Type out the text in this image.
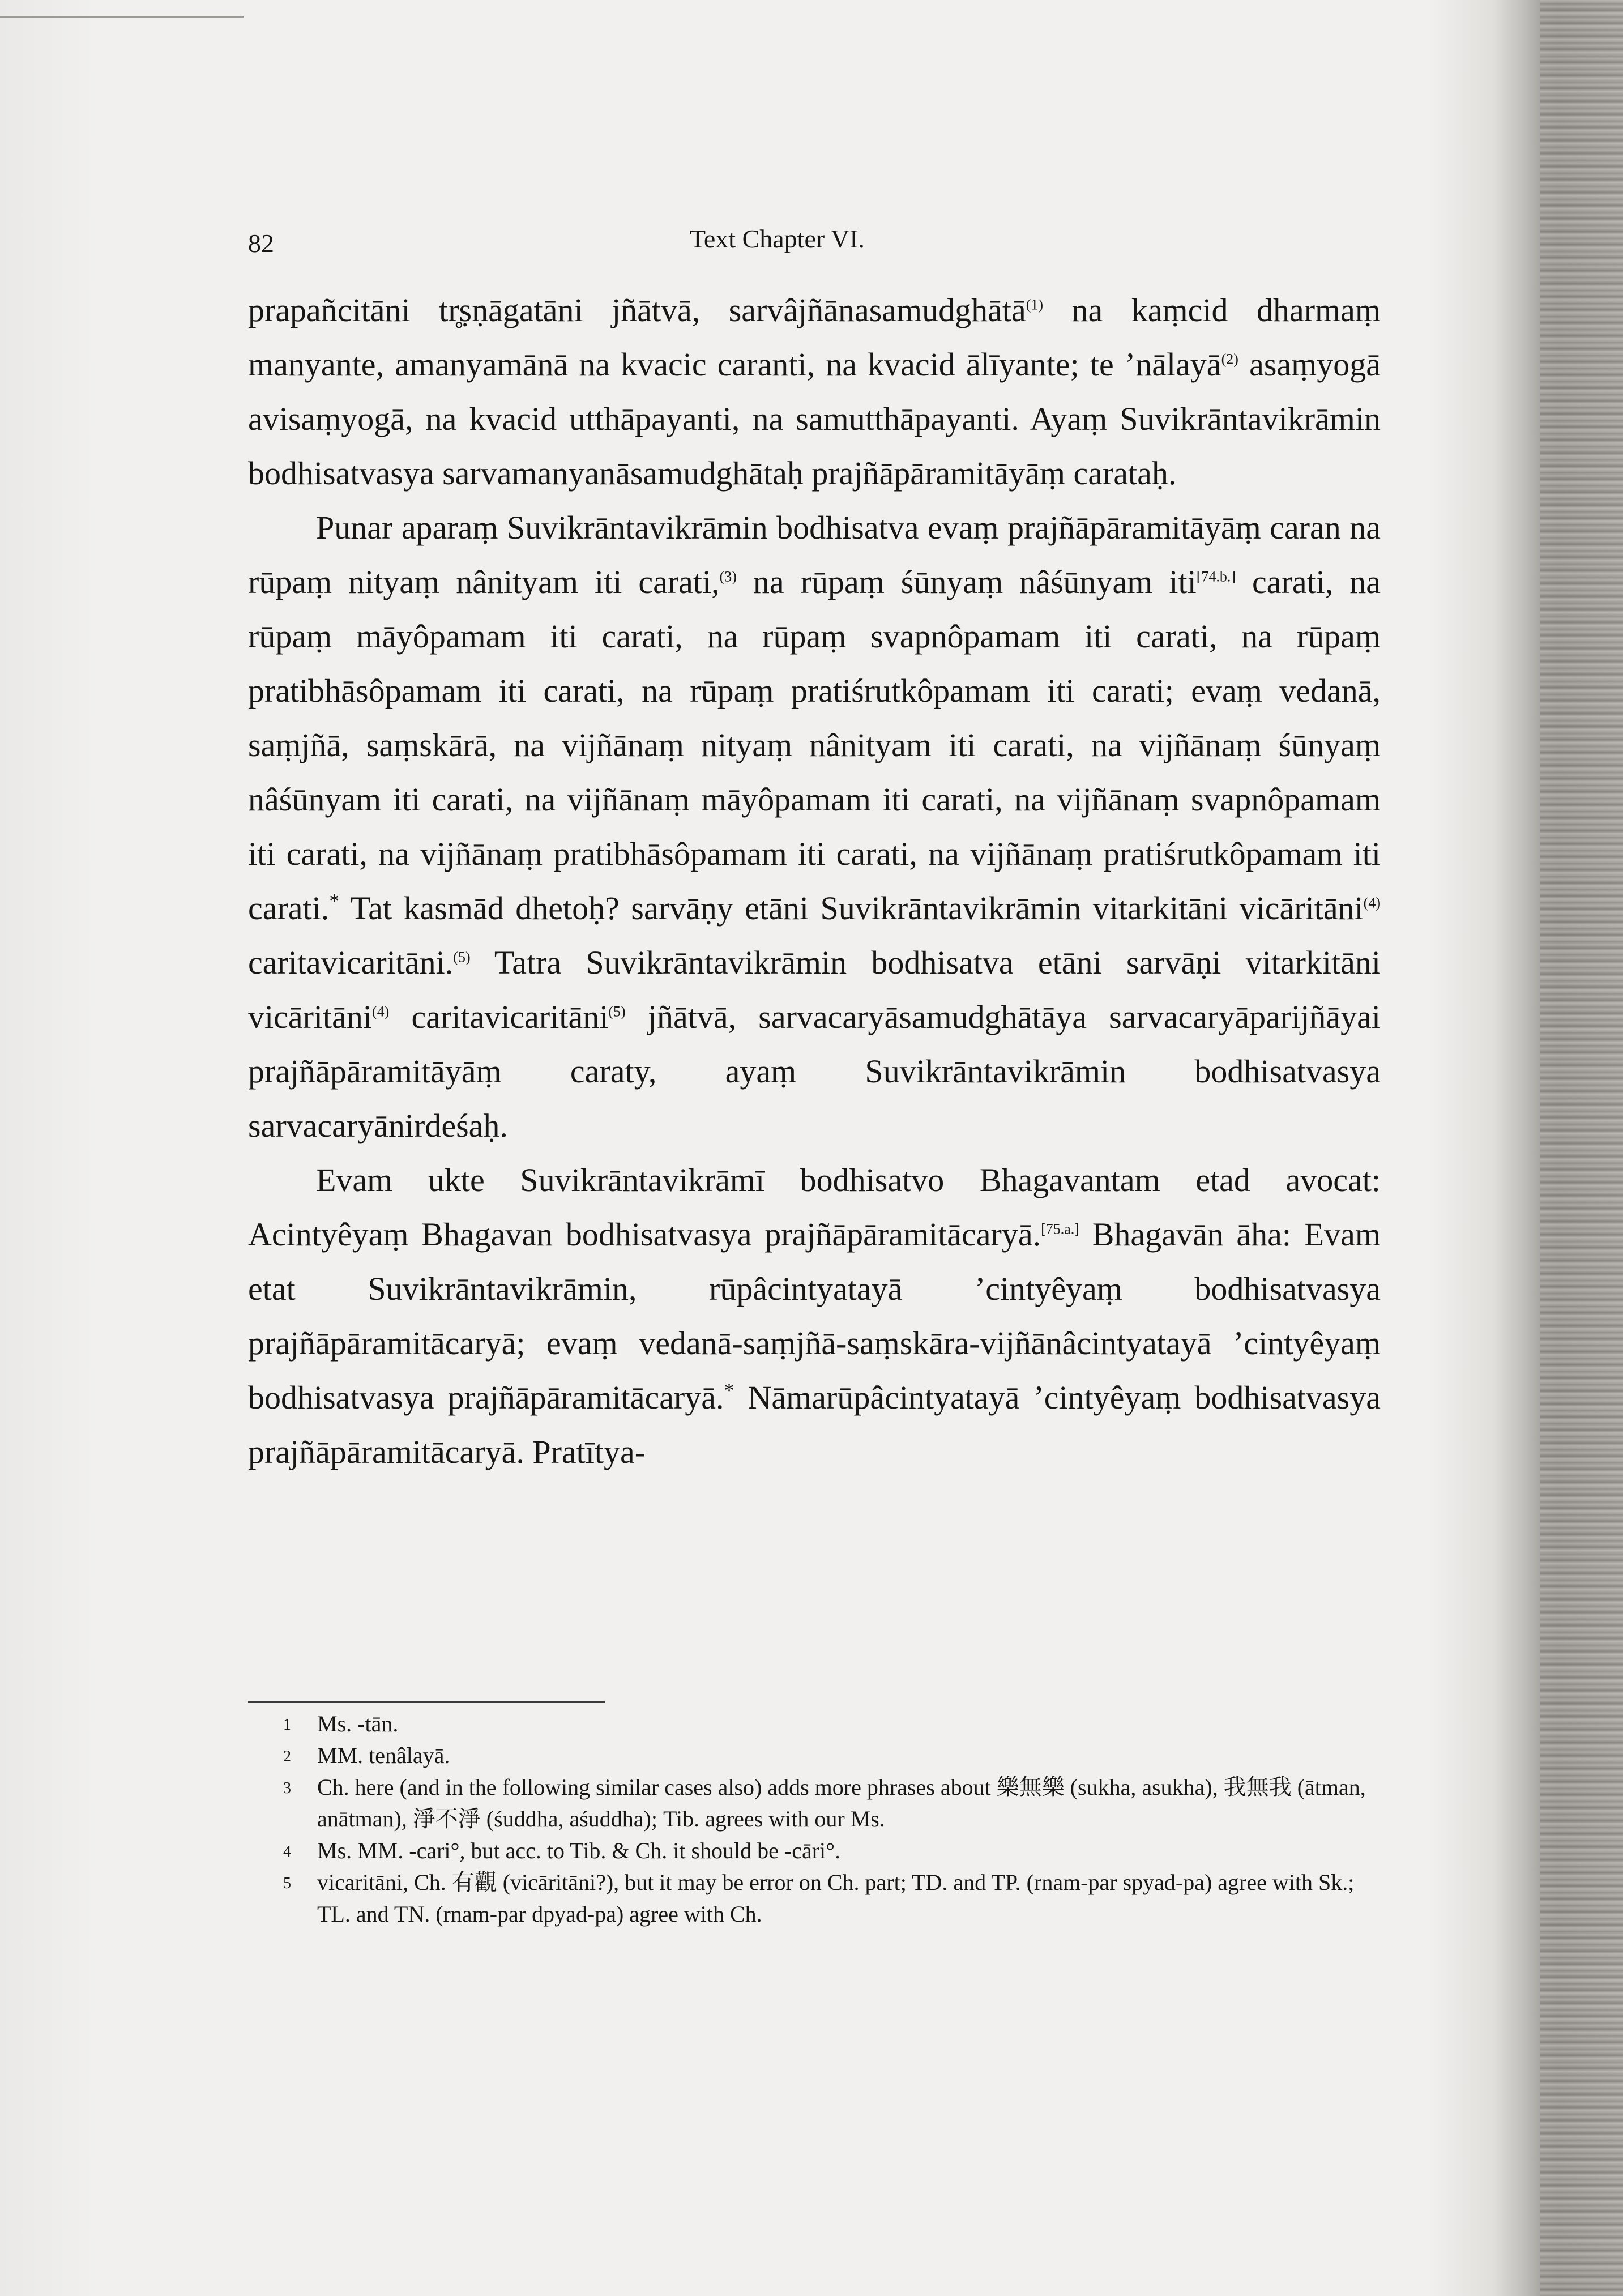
82	Text Chapter VI.

prapañcitāni tr̥ṣṇāgatāni jñātvā, sarvâjñānasamudghātā$^{(1)}$ na kaṃcid dharmaṃ manyante, amanyamānā na kvacic caranti, na kvacid ālīyante; te ’nālayā$^{(2)}$ asaṃyogā avisaṃyogā, na kvacid utthāpayanti, na samutthāpayanti. Ayaṃ Suvikrāntavikrāmin bodhisatvasya sarvamanyanāsamudghātaḥ prajñāpāramitāyāṃ carataḥ.

Punar aparaṃ Suvikrāntavikrāmin bodhisatva evaṃ prajñāpāramitāyāṃ caran na rūpaṃ nityaṃ nânityam iti carati,$^{(3)}$ na rūpaṃ śūnyaṃ nâśūnyam iti[74.b.] carati, na rūpaṃ māyôpamam iti carati, na rūpaṃ svapnôpamam iti carati, na rūpaṃ pratibhāsôpamam iti carati, na rūpaṃ pratiśrutkôpamam iti carati; evaṃ vedanā, saṃjñā, saṃskārā, na vijñānaṃ nityaṃ nânityam iti carati, na vijñānaṃ śūnyaṃ nâśūnyam iti carati, na vijñānaṃ māyôpamam iti carati, na vijñānaṃ svapnôpamam iti carati, na vijñānaṃ pratibhāsôpamam iti carati, na vijñānaṃ pratiśrutkôpamam iti carati.* Tat kasmād dhetoḥ? sarvāṇy etāni Suvikrāntavikrāmin vitarkitāni vicāritāni$^{(4)}$ caritavicaritāni.$^{(5)}$ Tatra Suvikrāntavikrāmin bodhisatva etāni sarvāṇi vitarkitāni vicāritāni$^{(4)}$ caritavicaritāni$^{(5)}$ jñātvā, sarvacaryāsamudghātāya sarvacaryāparijñāyai prajñāpāramitāyāṃ caraty, ayaṃ Suvikrāntavikrāmin bodhisatvasya sarvacaryānirdeśaḥ.

Evam ukte Suvikrāntavikrāmī bodhisatvo Bhagavantam etad avocat: Acintyêyaṃ Bhagavan bodhisatvasya prajñāpāramitācaryā.[75.a.] Bhagavān āha: Evam etat Suvikrāntavikrāmin, rūpâcintyatayā ’cintyêyaṃ bodhisatvasya prajñāpāramitācaryā; evaṃ vedanā-saṃjñā-saṃskāra-vijñānâcintyatayā ’cintyêyaṃ bodhisatvasya prajñāpāramitācaryā.* Nāmarūpâcintyatayā ’cintyêyaṃ bodhisatvasya prajñāpāramitācaryā. Pratītya-

1 Ms. -tān.
2 MM. tenâlayā.
3 Ch. here (and in the following similar cases also) adds more phrases about 樂無樂 (sukha, asukha), 我無我 (ātman, anātman), 淨不淨 (śuddha, aśuddha); Tib. agrees with our Ms.
4 Ms. MM. -cari°, but acc. to Tib. & Ch. it should be -cāri°.
5 vicaritāni, Ch. 有觀 (vicāritāni?), but it may be error on Ch. part; TD. and TP. (rnam-par spyad-pa) agree with Sk.; TL. and TN. (rnam-par dpyad-pa) agree with Ch.
